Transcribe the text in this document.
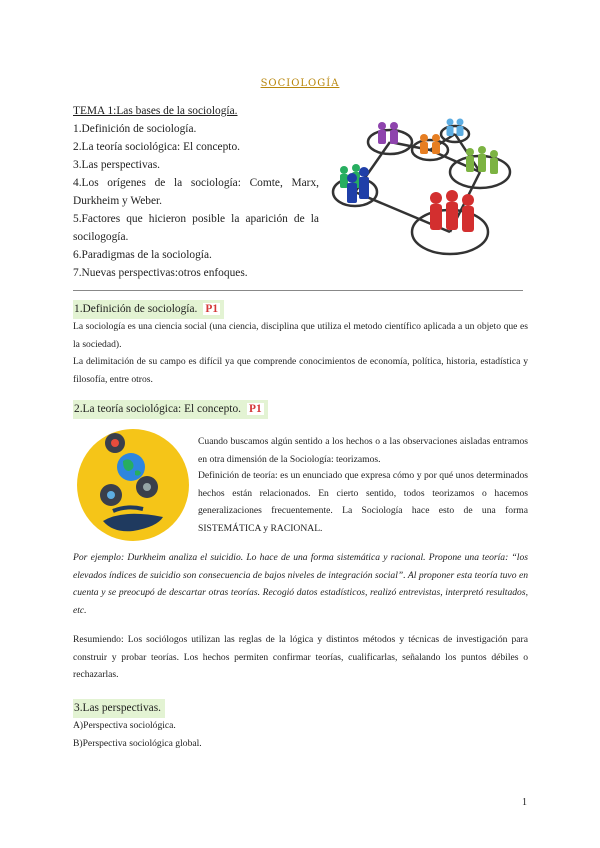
sociología
TEMA 1:Las bases de la sociología.
1.Definición de sociología.
2.La teoría sociológica: El concepto.
3.Las perspectivas.
4.Los orígenes de la sociología: Comte, Marx, Durkheim y Weber.
5.Factores que hicieron posible la aparición de la socilogogía.
6.Paradigmas de la sociología.
7.Nuevas perspectivas:otros enfoques.
1.Definición de sociología. P1
La sociología es una ciencia social (una ciencia, disciplina que utiliza el metodo científico aplicada a un objeto que es la sociedad).
La delimitación de su campo es difícil ya que comprende conocimientos de economía, política, historia, estadística y filosofía, entre otros.
2.La teoría sociológica: El concepto. P1
Cuando buscamos algún sentido a los hechos o a las observaciones aisladas entramos en otra dimensión de la Sociología: teorizamos.
Definición de teoría: es un enunciado que expresa cómo y por qué unos determinados hechos están relacionados. En cierto sentido, todos teorizamos o hacemos generalizaciones frecuentemente. La Sociología hace esto de una forma SISTEMÁTICA y RACIONAL.
Por ejemplo: Durkheim analiza el suicidio. Lo hace de una forma sistemática y racional. Propone una teoría: “los elevados índices de suicidio son consecuencia de bajos niveles de integración social”. Al proponer esta teoría tuvo en cuenta y se preocupó de descartar otras teorías. Recogió datos estadísticos, realizó entrevistas, interpretó resultados, etc.
Resumiendo: Los sociólogos utilizan las reglas de la lógica y distintos métodos y técnicas de investigación para construir y probar teorías. Los hechos permiten confirmar teorías, cualificarlas, señalando los puntos débiles o rechazarlas.
3.Las perspectivas.
A)Perspectiva sociológica.
B)Perspectiva sociológica global.
1
